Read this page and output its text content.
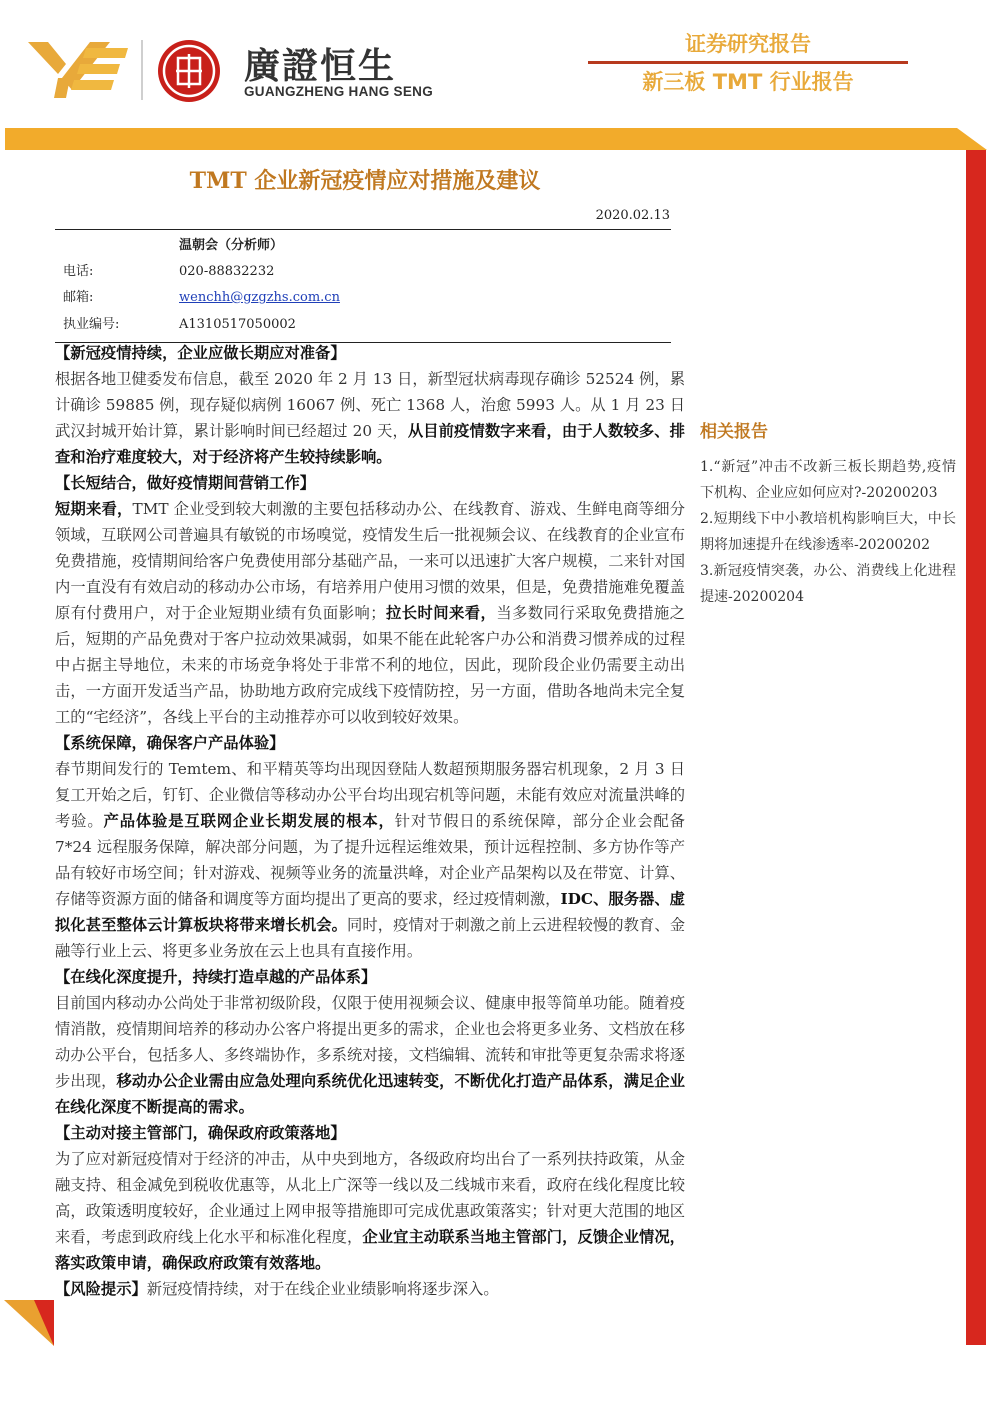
廣證恒生
GUANGZHENG HANG SENG
证券研究报告
新三板 TMT 行业报告
TMT 企业新冠疫情应对措施及建议
2020.02.13
温朝会（分析师）
电话:	020-88832232
邮箱:	wenchh@gzgzhs.com.cn
执业编号:	A1310517050002
【新冠疫情持续，企业应做长期应对准备】

根据各地卫健委发布信息，截至 2020 年 2 月 13 日，新型冠状病毒现存确诊 52524 例，累计确诊 59885 例，现存疑似病例 16067 例、死亡 1368 人，治愈 5993 人。从 1 月 23 日武汉封城开始计算，累计影响时间已经超过 20 天，从目前疫情数字来看，由于人数较多、排查和治疗难度较大，对于经济将产生较持续影响。

【长短结合，做好疫情期间营销工作】

短期来看，TMT 企业受到较大刺激的主要包括移动办公、在线教育、游戏、生鲜电商等细分领域，互联网公司普遍具有敏锐的市场嗅觉，疫情发生后一批视频会议、在线教育的企业宣布免费措施，疫情期间给客户免费使用部分基础产品，一来可以迅速扩大客户规模，二来针对国内一直没有有效启动的移动办公市场，有培养用户使用习惯的效果，但是，免费措施难免覆盖原有付费用户，对于企业短期业绩有负面影响；拉长时间来看，当多数同行采取免费措施之后，短期的产品免费对于客户拉动效果减弱，如果不能在此轮客户办公和消费习惯养成的过程中占据主导地位，未来的市场竞争将处于非常不利的地位，因此，现阶段企业仍需要主动出击，一方面开发适当产品，协助地方政府完成线下疫情防控，另一方面，借助各地尚未完全复工的“宅经济”，各线上平台的主动推荐亦可以收到较好效果。

【系统保障，确保客户产品体验】

春节期间发行的 Temtem、和平精英等均出现因登陆人数超预期服务器宕机现象，2 月 3 日复工开始之后，钉钉、企业微信等移动办公平台均出现宕机等问题，未能有效应对流量洪峰的考验。产品体验是互联网企业长期发展的根本，针对节假日的系统保障，部分企业会配备 7*24 远程服务保障，解决部分问题，为了提升远程运维效果，预计远程控制、多方协作等产品有较好市场空间；针对游戏、视频等业务的流量洪峰，对企业产品架构以及在带宽、计算、存储等资源方面的储备和调度等方面均提出了更高的要求，经过疫情刺激，IDC、服务器、虚拟化甚至整体云计算板块将带来增长机会。同时，疫情对于刺激之前上云进程较慢的教育、金融等行业上云、将更多业务放在云上也具有直接作用。

【在线化深度提升，持续打造卓越的产品体系】

目前国内移动办公尚处于非常初级阶段，仅限于使用视频会议、健康申报等简单功能。随着疫情消散，疫情期间培养的移动办公客户将提出更多的需求，企业也会将更多业务、文档放在移动办公平台，包括多人、多终端协作，多系统对接，文档编辑、流转和审批等更复杂需求将逐步出现，移动办公企业需由应急处理向系统优化迅速转变，不断优化打造产品体系，满足企业在线化深度不断提高的需求。

【主动对接主管部门，确保政府政策落地】

为了应对新冠疫情对于经济的冲击，从中央到地方，各级政府均出台了一系列扶持政策，从金融支持、租金减免到税收优惠等，从北上广深等一线以及二线城市来看，政府在线化程度比较高，政策透明度较好，企业通过上网申报等措施即可完成优惠政策落实；针对更大范围的地区来看，考虑到政府线上化水平和标准化程度，企业宜主动联系当地主管部门，反馈企业情况，落实政策申请，确保政府政策有效落地。

【风险提示】新冠疫情持续，对于在线企业业绩影响将逐步深入。

相关报告
1.“新冠”冲击不改新三板长期趋势,疫情下机构、企业应如何应对?-20200203
2.短期线下中小教培机构影响巨大，中长期将加速提升在线渗透率-20200202
3.新冠疫情突袭，办公、消费线上化进程提速-20200204
